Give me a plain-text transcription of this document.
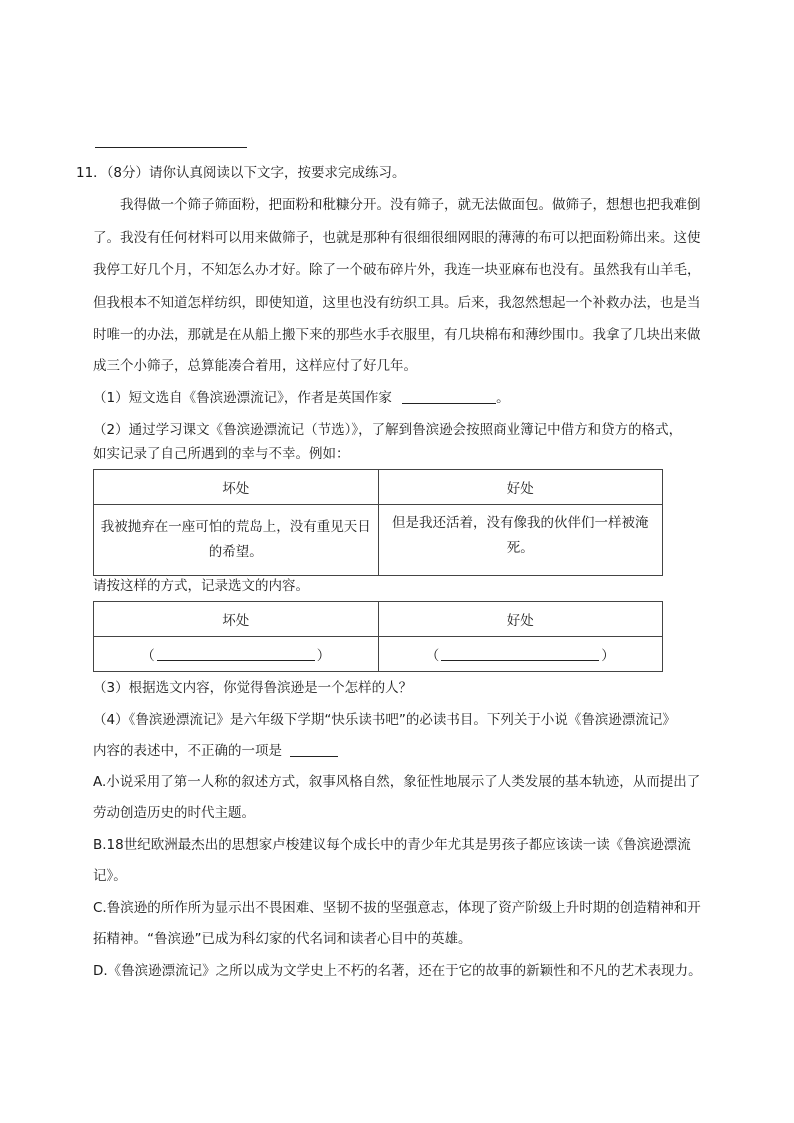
11．（8分）请你认真阅读以下文字，按要求完成练习。
　　我得做一个筛子筛面粉，把面粉和秕糠分开。没有筛子，就无法做面包。做筛子，想想也把我难倒
了。我没有任何材料可以用来做筛子，也就是那种有很细很细网眼的薄薄的布可以把面粉筛出来。这使
我停工好几个月，不知怎么办才好。除了一个破布碎片外，我连一块亚麻布也没有。虽然我有山羊毛，
但我根本不知道怎样纺织，即使知道，这里也没有纺织工具。后来，我忽然想起一个补救办法，也是当
时唯一的办法，那就是在从船上搬下来的那些水手衣服里，有几块棉布和薄纱围巾。我拿了几块出来做
成三个小筛子，总算能凑合着用，这样应付了好几年。
（1）短文选自《鲁滨逊漂流记》，作者是英国作家	。
（2）通过学习课文《鲁滨逊漂流记（节选）》，了解到鲁滨逊会按照商业簿记中借方和贷方的格式，
如实记录了自己所遇到的幸与不幸。例如：
坏处	好处

我被抛弃在一座可怕的荒岛上，没有重见天日
的希望。	但是我还活着，没有像我的伙伴们一样被淹死。
请按这样的方式，记录选文的内容。
坏处	好处
（ ）	（ ）
（3）根据选文内容，你觉得鲁滨逊是一个怎样的人？
（4）《鲁滨逊漂流记》是六年级下学期“快乐读书吧”的必读书目。下列关于小说《鲁滨逊漂流记》
内容的表述中，不正确的一项是
A.小说采用了第一人称的叙述方式，叙事风格自然，象征性地展示了人类发展的基本轨迹，从而提出了
劳动创造历史的时代主题。
B.18世纪欧洲最杰出的思想家卢梭建议每个成长中的青少年尤其是男孩子都应该读一读《鲁滨逊漂流
记》。
C.鲁滨逊的所作所为显示出不畏困难、坚韧不拔的坚强意志，体现了资产阶级上升时期的创造精神和开
拓精神。“鲁滨逊”已成为科幻家的代名词和读者心目中的英雄。
D.《鲁滨逊漂流记》之所以成为文学史上不朽的名著，还在于它的故事的新颖性和不凡的艺术表现力。
